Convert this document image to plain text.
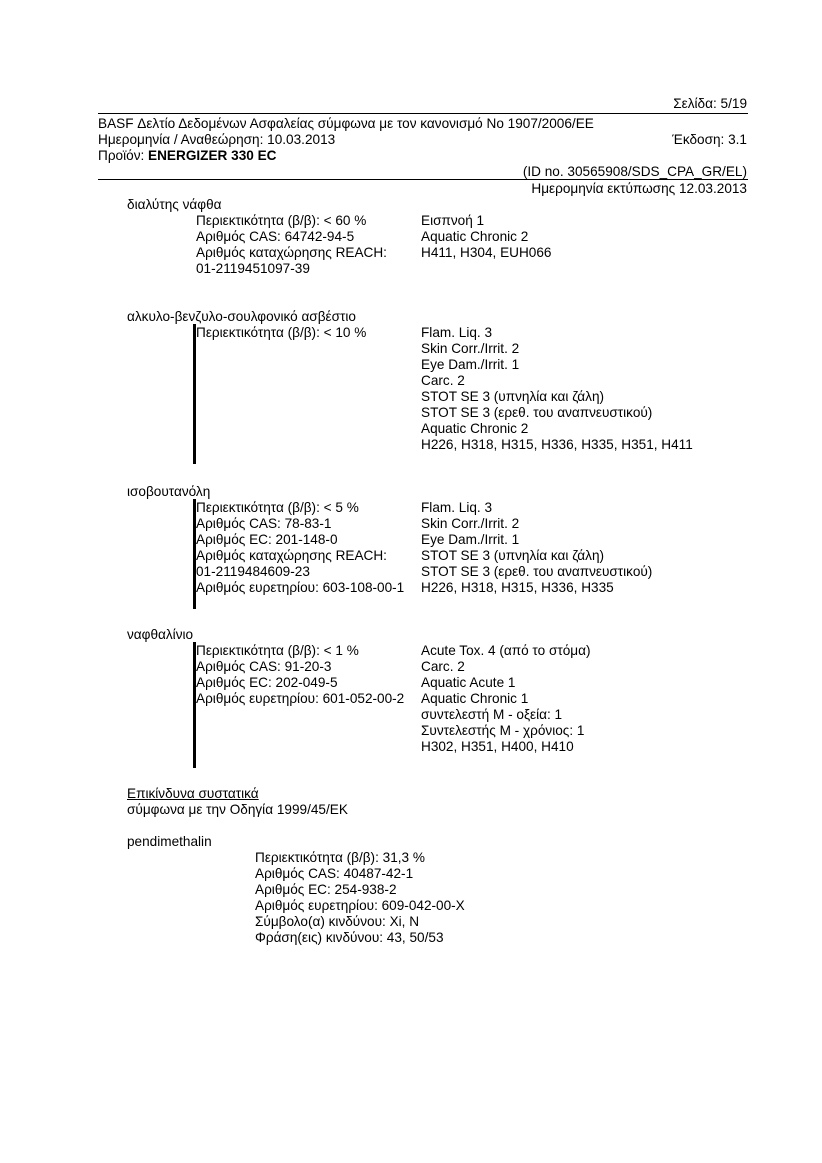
Σελίδα: 5/19
BASF Δελτίο Δεδομένων Ασφαλείας σύμφωνα με τον κανονισμό Νο 1907/2006/ΕΕ
Ημερομηνία / Αναθεώρηση: 10.03.2013	Έκδοση: 3.1
Προϊόν: ENERGIZER 330 EC
(ID no. 30565908/SDS_CPA_GR/EL)
Ημερομηνία εκτύπωσης 12.03.2013
διαλύτης νάφθα
Περιεκτικότητα (β/β): < 60 %
Αριθμός CAS: 64742-94-5
Αριθμός καταχώρησης REACH:
01-2119451097-39
Εισπνοή 1
Aquatic Chronic 2
H411, H304, EUH066
αλκυλο-βενζυλο-σουλφονικό ασβέστιο
Περιεκτικότητα (β/β): < 10 %	Flam. Liq. 3
Skin Corr./Irrit. 2
Eye Dam./Irrit. 1
Carc. 2
STOT SE 3 (υπνηλία και ζάλη)
STOT SE 3 (ερεθ. του αναπνευστικού)
Aquatic Chronic 2
H226, H318, H315, H336, H335, H351, H411
ισοβουτανόλη
Περιεκτικότητα (β/β): < 5 %
Αριθμός CAS: 78-83-1
Αριθμός EC: 201-148-0
Αριθμός καταχώρησης REACH:
01-2119484609-23
Αριθμός ευρετηρίου: 603-108-00-1
Flam. Liq. 3
Skin Corr./Irrit. 2
Eye Dam./Irrit. 1
STOT SE 3 (υπνηλία και ζάλη)
STOT SE 3 (ερεθ. του αναπνευστικού)
H226, H318, H315, H336, H335
ναφθαλίνιο
Περιεκτικότητα (β/β): < 1 %
Αριθμός CAS: 91-20-3
Αριθμός EC: 202-049-5
Αριθμός ευρετηρίου: 601-052-00-2
Acute Tox. 4 (από το στόμα)
Carc. 2
Aquatic Acute 1
Aquatic Chronic 1
συντελεστή M - οξεία: 1
Συντελεστής M - χρόνιος: 1
H302, H351, H400, H410
Επικίνδυνα συστατικά
σύμφωνα με την Οδηγία 1999/45/ΕΚ
pendimethalin
Περιεκτικότητα (β/β): 31,3 %
Αριθμός CAS: 40487-42-1
Αριθμός EC: 254-938-2
Αριθμός ευρετηρίου: 609-042-00-X
Σύμβολο(α) κινδύνου: Xi, N
Φράση(εις) κινδύνου: 43, 50/53
